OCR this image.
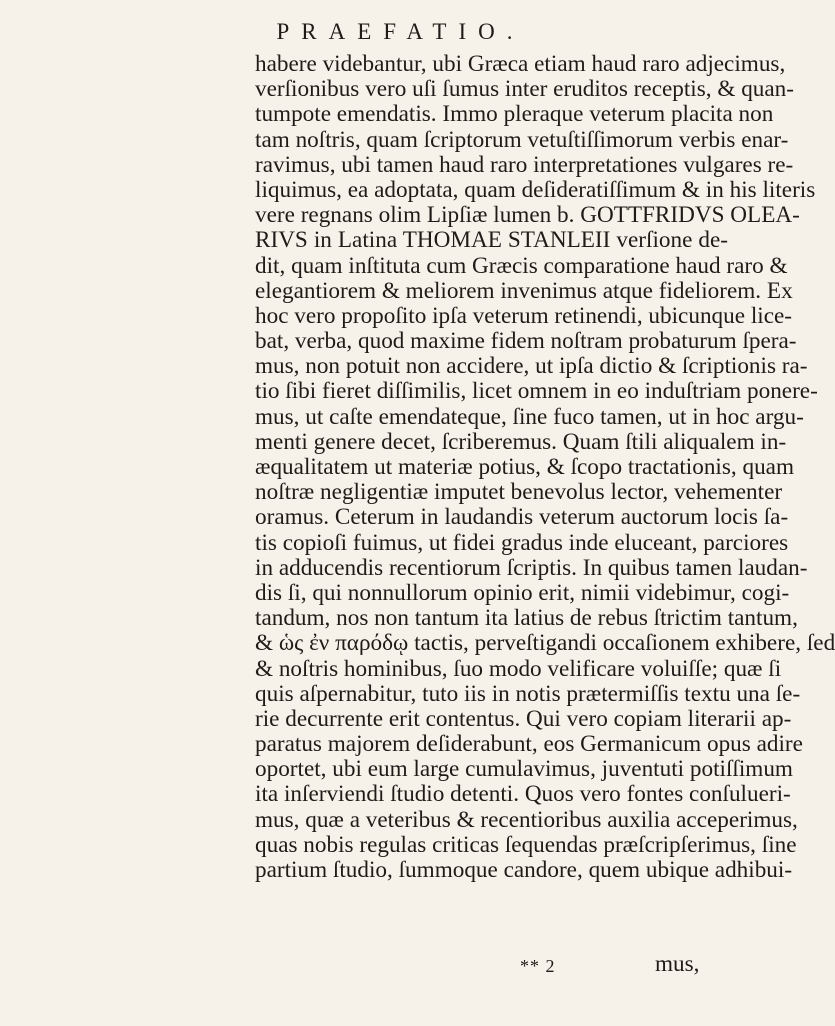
PRAEFATIO.
habere videbantur, ubi Græca etiam haud raro adjecimus,
verſionibus vero uſi ſumus inter eruditos receptis, & quan-
tumpote emendatis. Immo pleraque veterum placita non
tam noſtris, quam ſcriptorum vetuſtiſſimorum verbis enar-
ravimus, ubi tamen haud raro interpretationes vulgares re-
liquimus, ea adoptata, quam deſideratiſſimum & in his literis
vere regnans olim Lipſiæ lumen b. GOTTFRIDVS OLEA-
RIVS in Latina THOMAE STANLEII verſione de-
dit, quam inſtituta cum Græcis comparatione haud raro &
elegantiorem & meliorem invenimus atque fideliorem. Ex
hoc vero propoſito ipſa veterum retinendi, ubicunque lice-
bat, verba, quod maxime fidem noſtram probaturum ſpera-
mus, non potuit non accidere, ut ipſa dictio & ſcriptionis ra-
tio ſibi fieret diſſimilis, licet omnem in eo induſtriam ponere-
mus, ut caſte emendateque, ſine fuco tamen, ut in hoc argu-
menti genere decet, ſcriberemus. Quam ſtili aliqualem in-
æqualitatem ut materiæ potius, & ſcopo tractationis, quam
noſtræ negligentiæ imputet benevolus lector, vehementer
oramus. Ceterum in laudandis veterum auctorum locis ſa-
tis copioſi fuimus, ut fidei gradus inde eluceant, parciores
in adducendis recentiorum ſcriptis. In quibus tamen laudan-
dis ſi, qui nonnullorum opinio erit, nimii videbimur, cogi-
tandum, nos non tantum ita latius de rebus ſtrictim tantum,
& ὡς ἐν παρόδῳ tactis, perveſtigandi occaſionem exhibere, ſed
& noſtris hominibus, ſuo modo velificare voluiſſe; quæ ſi
quis aſpernabitur, tuto iis in notis prætermiſſis textu una ſe-
rie decurrente erit contentus. Qui vero copiam literarii ap-
paratus majorem deſiderabunt, eos Germanicum opus adire
oportet, ubi eum large cumulavimus, juventuti potiſſimum
ita inſerviendi ſtudio detenti. Quos vero fontes conſulueri-
mus, quæ a veteribus & recentioribus auxilia acceperimus,
quas nobis regulas criticas ſequendas præſcripſerimus, ſine
partium ſtudio, ſummoque candore, quem ubique adhibui-
** 2	mus,
